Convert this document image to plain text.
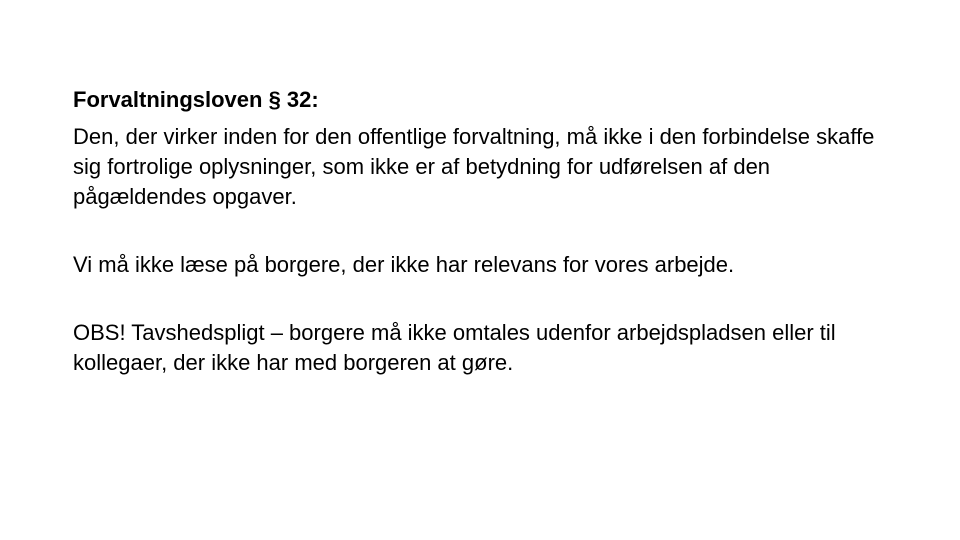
Forvaltningsloven § 32:

Den, der virker inden for den offentlige forvaltning, må ikke i den forbindelse skaffe sig fortrolige oplysninger, som ikke er af betydning for udførelsen af den pågældendes opgaver.

Vi må ikke læse på borgere, der ikke har relevans for vores arbejde.

OBS! Tavshedspligt – borgere må ikke omtales udenfor arbejdspladsen eller til kollegaer, der ikke har med borgeren at gøre.
